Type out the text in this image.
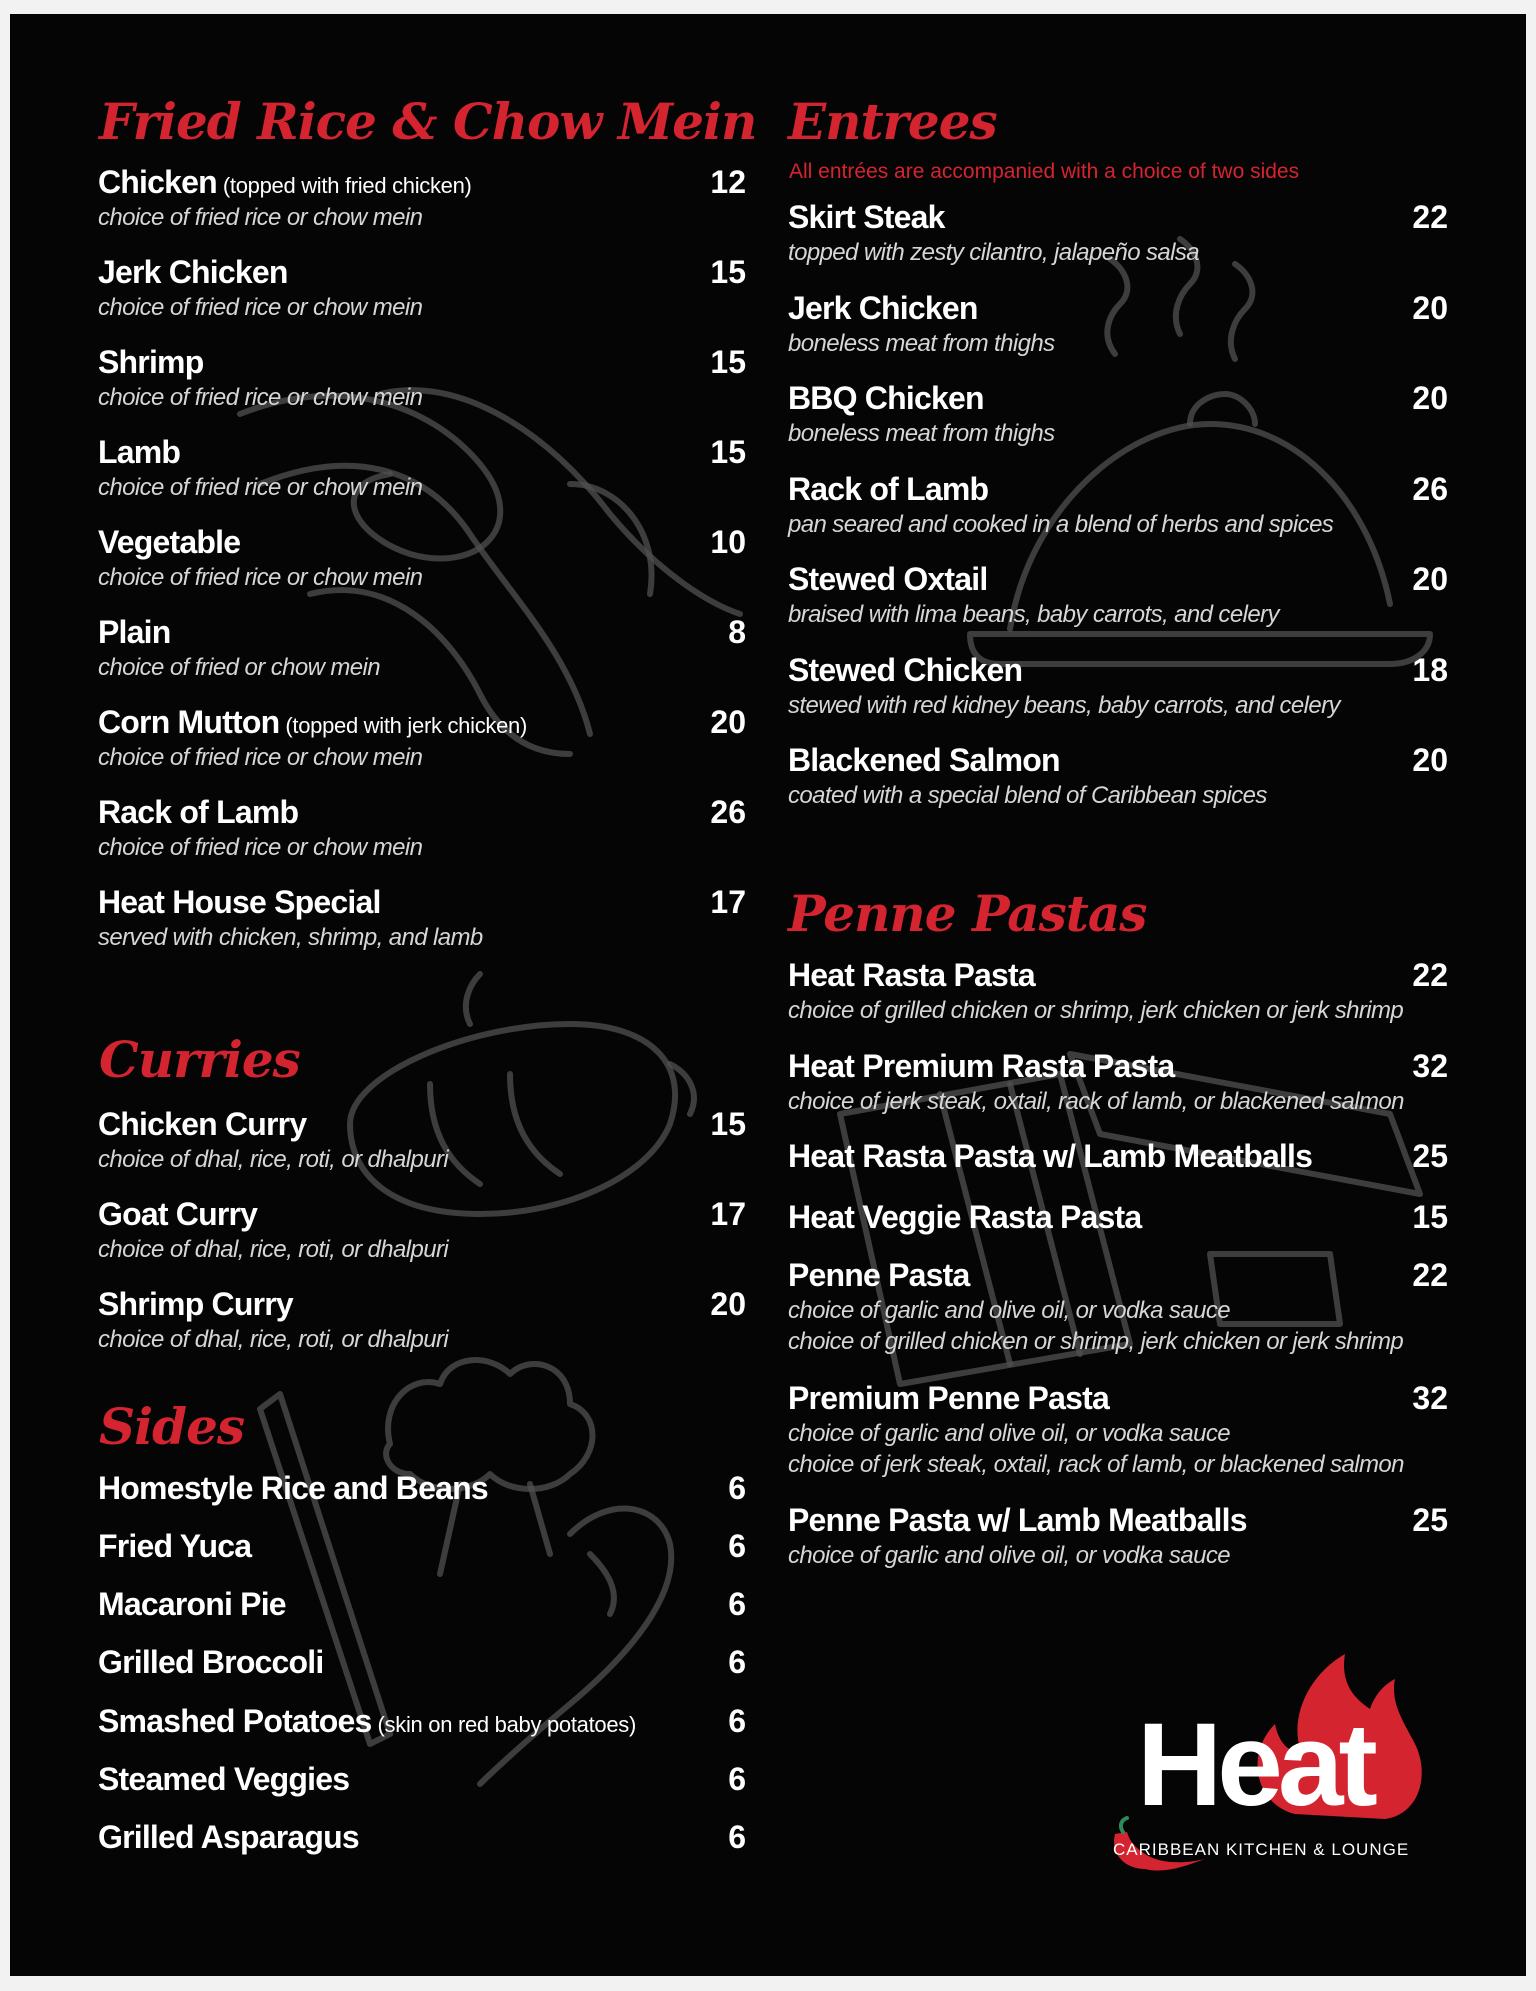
Fried Rice & Chow Mein
Chicken (topped with fried chicken)	12
choice of fried rice or chow mein
Jerk Chicken	15
choice of fried rice or chow mein
Shrimp	15
choice of fried rice or chow mein
Lamb	15
choice of fried rice or chow mein
Vegetable	10
choice of fried rice or chow mein
Plain	8
choice of fried or chow mein
Corn Mutton (topped with jerk chicken)	20
choice of fried rice or chow mein
Rack of Lamb	26
choice of fried rice or chow mein
Heat House Special	17
served with chicken, shrimp, and lamb
Curries
Chicken Curry	15
choice of dhal, rice, roti, or dhalpuri
Goat Curry	17
choice of dhal, rice, roti, or dhalpuri
Shrimp Curry	20
choice of dhal, rice, roti, or dhalpuri
Sides
Homestyle Rice and Beans	6
Fried Yuca	6
Macaroni Pie	6
Grilled Broccoli	6
Smashed Potatoes (skin on red baby potatoes)	6
Steamed Veggies	6
Grilled Asparagus	6
Entrees

All entrées are accompanied with a choice of two sides

Skirt Steak	22
topped with zesty cilantro, jalapeño salsa
Jerk Chicken	20
boneless meat from thighs
BBQ Chicken	20
boneless meat from thighs
Rack of Lamb	26
pan seared and cooked in a blend of herbs and spices
Stewed Oxtail	20
braised with lima beans, baby carrots, and celery
Stewed Chicken	18
stewed with red kidney beans, baby carrots, and celery
Blackened Salmon	20
coated with a special blend of Caribbean spices
Penne Pastas
Heat Rasta Pasta	22
choice of grilled chicken or shrimp, jerk chicken or jerk shrimp
Heat Premium Rasta Pasta	32
choice of jerk steak, oxtail, rack of lamb, or blackened salmon
Heat Rasta Pasta w/ Lamb Meatballs	25
Heat Veggie Rasta Pasta	15
Penne Pasta	22
choice of garlic and olive oil, or vodka sauce
choice of grilled chicken or shrimp, jerk chicken or jerk shrimp
Premium Penne Pasta	32
choice of garlic and olive oil, or vodka sauce
choice of jerk steak, oxtail, rack of lamb, or blackened salmon
Penne Pasta w/ Lamb Meatballs	25
choice of garlic and olive oil, or vodka sauce
Heat
CARIBBEAN KITCHEN & LOUNGE
